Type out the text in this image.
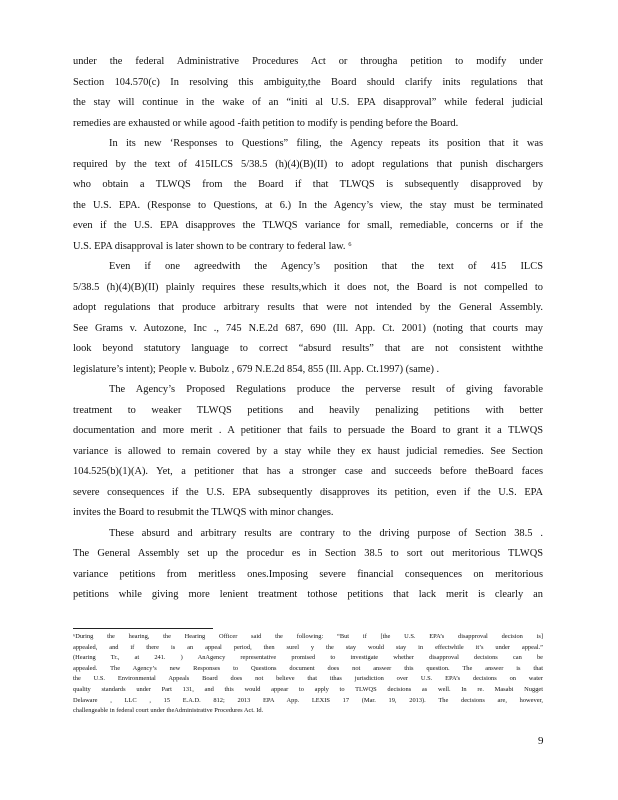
under the federal Administrative Procedures Act or througha petition to modify under
Section 104.570(c) In resolving this ambiguity,the Board should clarify inits regulations that
the stay will continue in the wake of an “initi al U.S. EPA disapproval” while federal judicial
remedies are exhausted or while agood -faith petition to modify is pending before the Board.
In its new ‘Responses to Questions” filing, the Agency repeats its position that it was
required by the text of 415ILCS 5/38.5 (h)(4)(B)(II) to adopt regulations that punish dischargers
who obtain a TLWQS from the Board if that TLWQS is subsequently disapproved by
the U.S. EPA. (Response to Questions, at 6.) In the Agency’s view, the stay must be terminated
even if the U.S. EPA disapproves the TLWQS variance for small, remediable, concerns or if the
U.S. EPA disapproval is later shown to be contrary to federal law. ⁶
Even if one agreedwith the Agency’s position that the text of 415 ILCS
5/38.5 (h)(4)(B)(II) plainly requires these results,which it does not, the Board is not compelled to
adopt regulations that produce arbitrary results that were not intended by the General Assembly.
See Grams v. Autozone, Inc ., 745 N.E.2d 687, 690 (Ill. App. Ct. 2001) (noting that courts may
look beyond statutory language to correct “absurd results” that are not consistent withthe
legislature’s intent); People v. Bubolz , 679 N.E.2d 854, 855 (Ill. App. Ct.1997) (same) .
The Agency’s Proposed Regulations produce the perverse result of giving favorable
treatment to weaker TLWQS petitions and heavily penalizing petitions with better
documentation and more merit . A petitioner that fails to persuade the Board to grant it a TLWQS
variance is allowed to remain covered by a stay while they ex haust judicial remedies. See Section
104.525(b)(1)(A). Yet, a petitioner that has a stronger case and succeeds before theBoard faces
severe consequences if the U.S. EPA subsequently disapproves its petition, even if the U.S. EPA
invites the Board to resubmit the TLWQS with minor changes.
These absurd and arbitrary results are contrary to the driving purpose of Section 38.5 .
The General Assembly set up the procedur es in Section 38.5 to sort out meritorious TLWQS
variance petitions from meritless ones.Imposing severe financial consequences on meritorious
petitions while giving more lenient treatment tothose petitions that lack merit is clearly an
⁶During the hearing, the Hearing Officer said the following: “But if [the U.S. EPA’s disapproval decision is]
appealed, and if there is an appeal period, then surel y the stay would stay in effectwhile it’s under appeal.”
(Hearing Tr., at 241. ) AnAgency representative promised to investigate whether disapproval decisions can be
appealed. The Agency’s new Responses to Questions document does not answer this question. The answer is that
the U.S. Environmental Appeals Board does not believe that ithas jurisdiction over U.S. EPA’s decisions on water
quality standards under Part 131, and this would appear to apply to TLWQS decisions as well. In re. Masabi Nugget
Delaware , LLC , 15 E.A.D. 812; 2013 EPA App. LEXIS 17 (Mar. 19, 2013). The decisions are, however,
challengeable in federal court under theAdministrative Procedures Act. Id.
9
